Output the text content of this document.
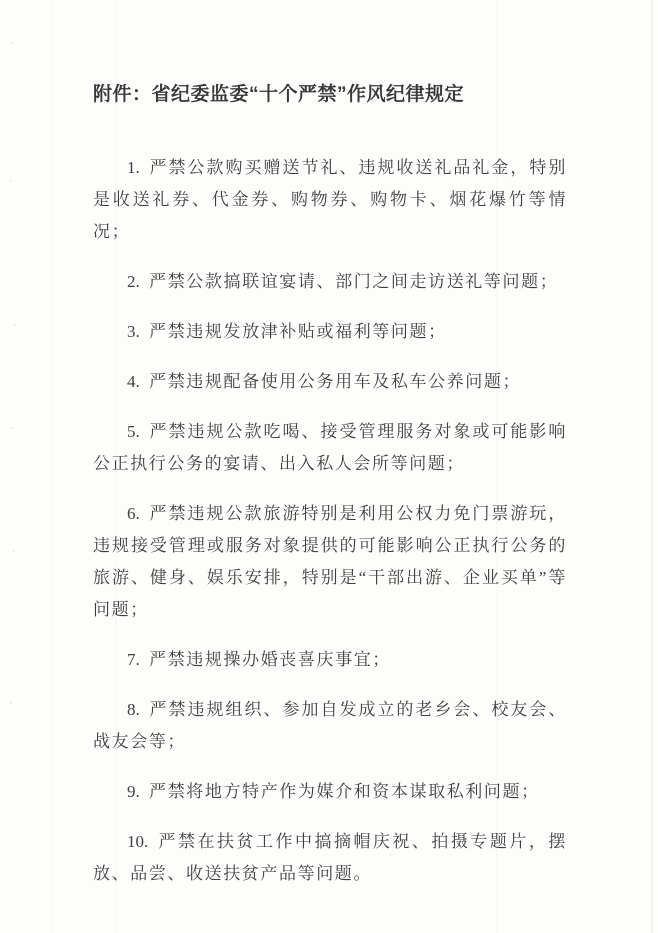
·
·
·
·
·
·
·
附件：省纪委监委“十个严禁”作风纪律规定

1. 严禁公款购买赠送节礼、违规收送礼品礼金，特别是收送礼券、代金券、购物券、购物卡、烟花爆竹等情况；

2. 严禁公款搞联谊宴请、部门之间走访送礼等问题；

3. 严禁违规发放津补贴或福利等问题；

4. 严禁违规配备使用公务用车及私车公养问题；

5. 严禁违规公款吃喝、接受管理服务对象或可能影响公正执行公务的宴请、出入私人会所等问题；

6. 严禁违规公款旅游特别是利用公权力免门票游玩，违规接受管理或服务对象提供的可能影响公正执行公务的旅游、健身、娱乐安排，特别是“干部出游、企业买单”等问题；

7. 严禁违规操办婚丧喜庆事宜；

8. 严禁违规组织、参加自发成立的老乡会、校友会、战友会等；

9. 严禁将地方特产作为媒介和资本谋取私利问题；

10. 严禁在扶贫工作中搞摘帽庆祝、拍摄专题片，摆放、品尝、收送扶贫产品等问题。
